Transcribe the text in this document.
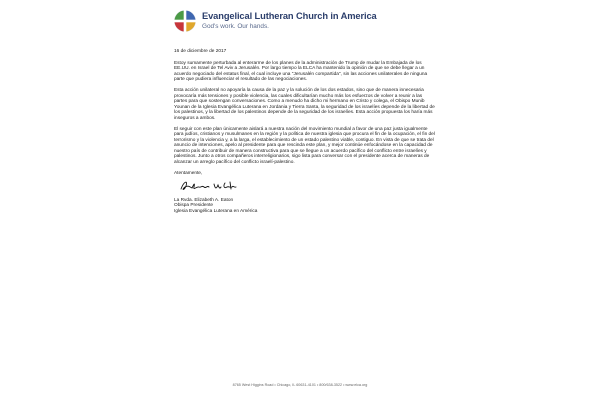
Evangelical Lutheran Church in America
God's work. Our hands.

16 de diciembre de 2017

Estoy sumamente perturbada al enterarme de los planes de la administración de Trump de mudar la Embajada de los EE.UU. en Israel de Tel Aviv a Jerusalén. Por largo tiempo la ELCA ha mantenido la opinión de que se debe llegar a un acuerdo negociado del estatus final, el cual incluye una "Jerusalén compartida", sin las acciones unilaterales de ninguna parte que pudiera influenciar el resultado de las negociaciones.

Esta acción unilateral no apoyaría la causa de la paz y la solución de los dos estados, sino que de manera innecesaria provocaría más tensiones y posible violencia, las cuales dificultarían mucho más los esfuerzos de volver a reunir a las partes para que sostengan conversaciones. Como a menudo ha dicho mi hermano en Cristo y colega, el Obispo Munib Younan de la Iglesia Evangélica Luterana en Jordania y Tierra Santa, la seguridad de los israelíes depende de la libertad de los palestinos, y la libertad de los palestinos depende de la seguridad de los israelíes. Esta acción propuesta los haría más inseguros a ambos.

El seguir con este plan únicamente aislará a nuestra nación del movimiento mundial a favor de una paz justa igualmente para judíos, cristianos y musulmanes en la región y la política de nuestra iglesia que procura el fin de la ocupación, el fin del terrorismo y la violencia y, a la larga, el establecimiento de un estado palestino viable, contiguo. En vista de que se trata del anuncio de intenciones, apelo al presidente para que rescinda este plan, y mejor continúe enfocándose en la capacidad de nuestro país de contribuir de manera constructiva para que se llegue a un acuerdo pacífico del conflicto entre israelíes y palestinos. Junto a otros compañeros interreligionarios, sigo lista para conversar con el presidente acerca de maneras de alcanzar un arreglo pacífico del conflicto israelí-palestino.

Atentamente,

La Rvda. Elizabeth A. Eaton
Obispa Presidente
Iglesia Evangélica Luterana en América
8765 West Higgins Road • Chicago, IL 60631-4101 • 800/638-3522 • www.elca.org
